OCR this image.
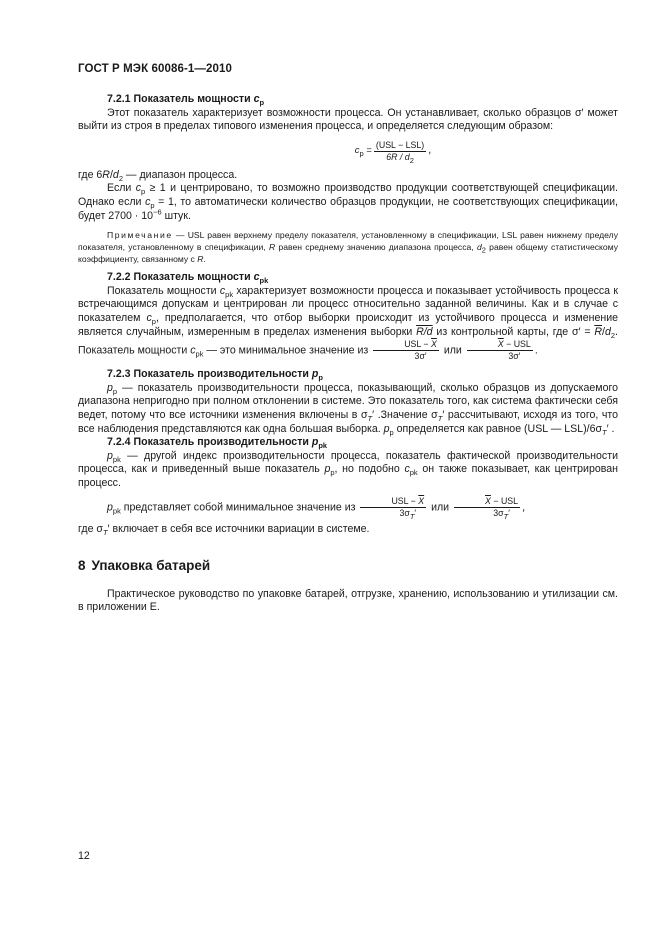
ГОСТ Р МЭК 60086-1—2010

7.2.1 Показатель мощности $c_p$

Этот показатель характеризует возможности процесса. Он устанавливает, сколько образцов σ′ может выйти из строя в пределах типового изменения процесса, и определяется следующим образом:

$c_p = \frac{\text{(USL − LSL)}}{6R / d_2}$ ,

где $6R/d_2$ — диапазон процесса.

Если $c_p \ge 1$ и центрировано, то возможно производство продукции соответствующей спецификации. Однако если $c_p = 1$, то автоматически количество образцов продукции, не соответствующих спецификации, будет $2700 \cdot 10^{-6}$ штук.

Примечание — USL равен верхнему пределу показателя, установленному в спецификации, LSL равен нижнему пределу показателя, установленному в спецификации, R равен среднему значению диапазона процесса, $d_2$ равен общему статистическому коэффициенту, связанному с R.

7.2.2 Показатель мощности $c_{pk}$

Показатель мощности $c_{pk}$ характеризует возможности процесса и показывает устойчивость процесса к встречающимся допускам и центрирован ли процесс относительно заданной величины. Как и в случае с показателем $c_p$, предполагается, что отбор выборки происходит из устойчивого процесса и изменение является случайным, измеренным в пределах изменения выборки R/d из контрольной карты, где $\sigma' = \overline{R}/d_2$. Показатель мощности $c_{pk}$ — это минимальное значение из $\frac{USL - \overline{X}}{3\sigma'}$ или $\frac{\overline{X} - USL}{3\sigma'}$ .

7.2.3 Показатель производительности $p_p$

$p_p$ — показатель производительности процесса, показывающий, сколько образцов из допускаемого диапазона непригодно при полном отклонении в системе. Это показатель того, как система фактически себя ведет, потому что все источники изменения включены в $\sigma_T'$ .Значение $\sigma_T'$ рассчитывают, исходя из того, что все наблюдения представляются как одна большая выборка. $p_p$ определяется как равное (USL — $LSL)/6\sigma_T'$ .

7.2.4 Показатель производительности $p_{pk}$

$p_{pk}$ — другой индекс производительности процесса, показатель фактической производительности процесса, как и приведенный выше показатель $p_p$, но подобно $c_{pk}$ он также показывает, как центрирован процесс.

$p_{pk}$ представляет собой минимальное значение из $\frac{USL - \overline{X}}{3\sigma_T'}$ или $\frac{\overline{X} - USL}{3\sigma_T'}$ ,

где $\sigma_T'$ включает в себя все источники вариации в системе.

8 Упаковка батарей

Практическое руководство по упаковке батарей, отгрузке, хранению, использованию и утилизации см. в приложении Е.

12
